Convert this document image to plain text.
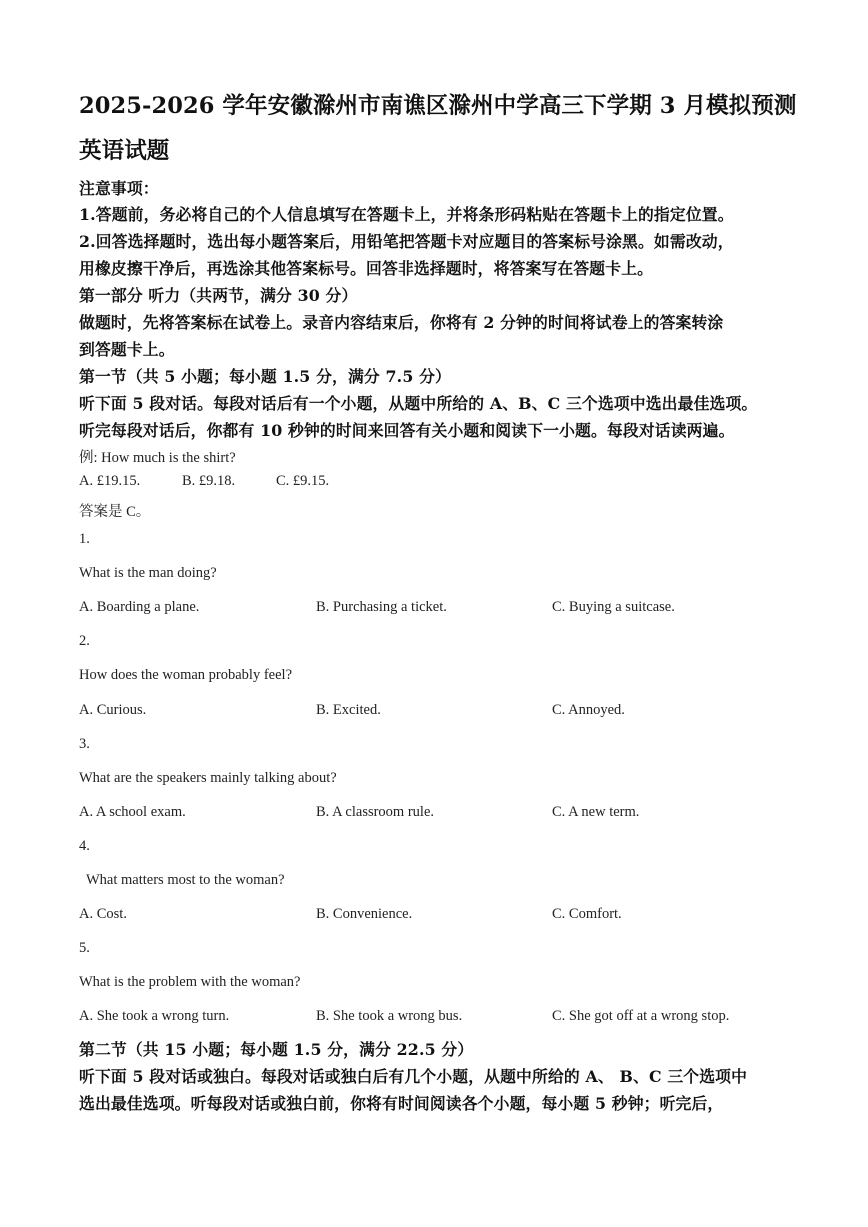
2025-2026 学年安徽滁州市南谯区滁州中学高三下学期 3 月模拟预测
英语试题
注意事项：
1.答题前，务必将自己的个人信息填写在答题卡上，并将条形码粘贴在答题卡上的指定位置。
2.回答选择题时，选出每小题答案后，用铅笔把答题卡对应题目的答案标号涂黑。如需改动，
用橡皮擦干净后，再选涂其他答案标号。回答非选择题时，将答案写在答题卡上。
第一部分 听力（共两节，满分 30 分）
做题时，先将答案标在试卷上。录音内容结束后，你将有 2 分钟的时间将试卷上的答案转涂
到答题卡上。
第一节（共 5 小题；每小题 1.5 分，满分 7.5 分）
听下面 5 段对话。每段对话后有一个小题，从题中所给的 A、B、C 三个选项中选出最佳选项。
听完每段对话后，你都有 10 秒钟的时间来回答有关小题和阅读下一小题。每段对话读两遍。
例: How much is the shirt?
A. £19.15.	B. £9.18.	C. £9.15.
答案是 C。
1.
What is the man doing?
A. Boarding a plane.	B. Purchasing a ticket.	C. Buying a suitcase.
2.
How does the woman probably feel?
A. Curious.	B. Excited.	C. Annoyed.
3.
What are the speakers mainly talking about?
A. A school exam.	B. A classroom rule.	C. A new term.
4.
What matters most to the woman?
A. Cost.	B. Convenience.	C. Comfort.
5.
What is the problem with the woman?
A. She took a wrong turn.	B. She took a wrong bus.	C. She got off at a wrong stop.
第二节（共 15 小题；每小题 1.5 分，满分 22.5 分）
听下面 5 段对话或独白。每段对话或独白后有几个小题，从题中所给的 A、 B、C 三个选项中
选出最佳选项。听每段对话或独白前，你将有时间阅读各个小题，每小题 5 秒钟；听完后，
